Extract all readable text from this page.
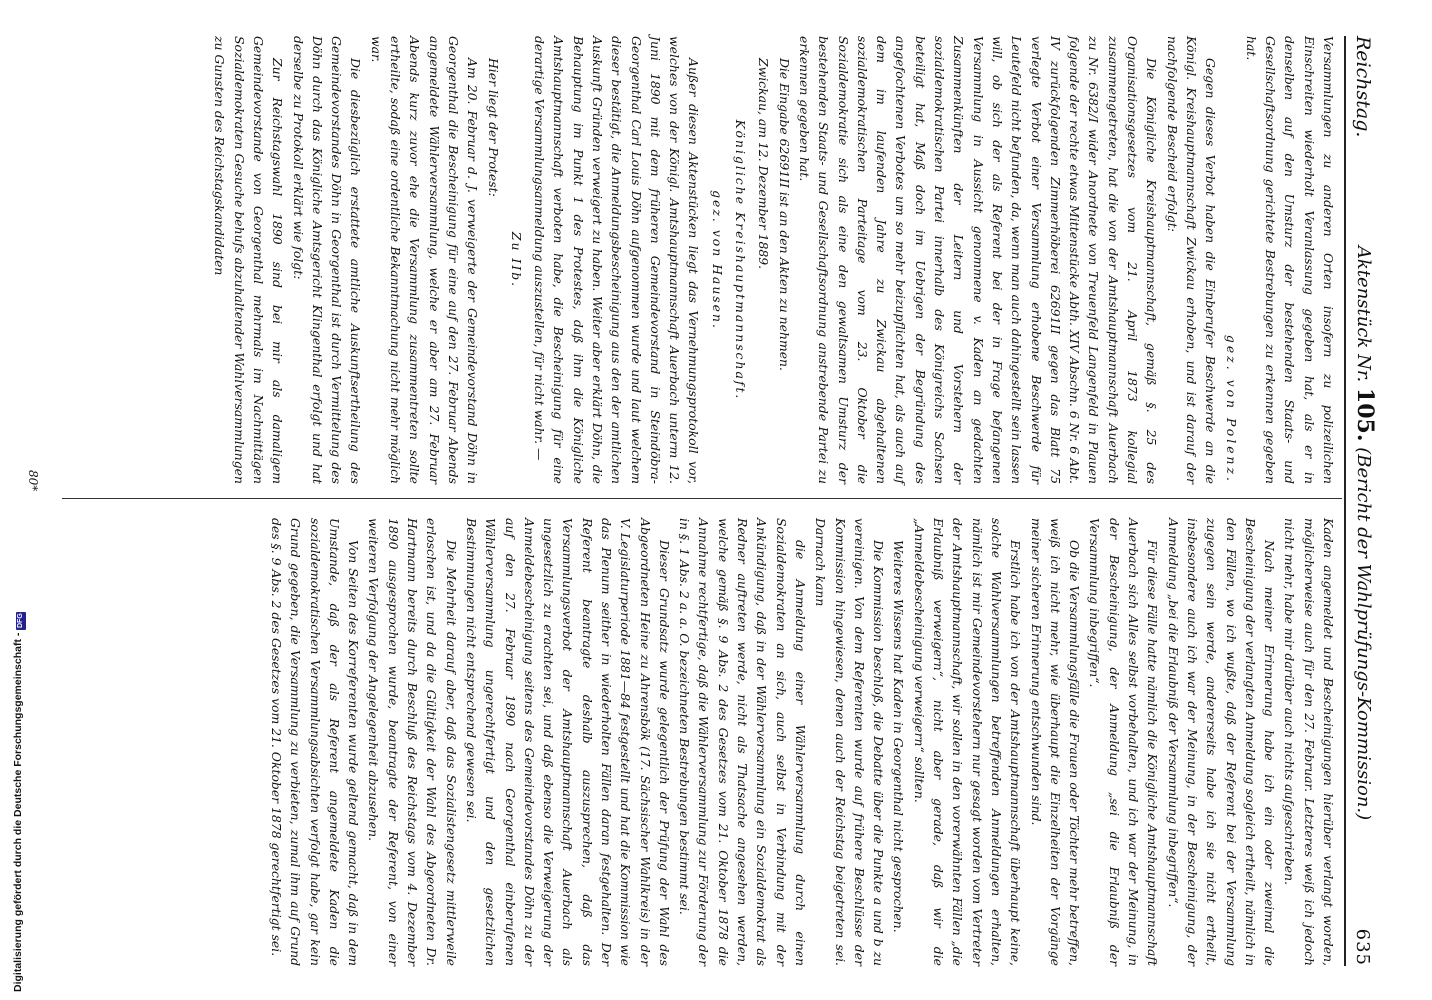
Reichstag.
Aktenstück Nr. 105. (Bericht der Wahlprüfungs-Kommission.)
635

Versammlungen zu anderen Orten insofern zu polizeilichen Einschreiten wiederholt Veranlassung gegeben hat, als er in denselben auf den Umsturz der bestehenden Staats- und Gesellschaftsordnung gerichtete Bestrebungen zu erkennen gegeben hat.

gez. von Polenz.

Gegen dieses Verbot haben die Einberufer Beschwerde an die Königl. Kreishauptmannschaft Zwickau erhoben, und ist darauf der nachfolgende Bescheid erfolgt:

Die Königliche Kreishauptmannschaft, gemäß §. 25 des Organisationsgesetzes vom 21. April 1873 kollegial zusammengetreten, hat die von der Amtshauptmannschaft Auerbach zu Nr. 6382/I wider Anordnete von Treuenfeld Langenfeld in Plauen folgende der rechte etwas Mittenstücke Abth. XIV Abschn. 6 Nr. 6 Abt. IV zurückfolgenden Zimmerhöberei 62691II gegen das Blatt 75 verlegte Verbot einer Versammlung erhobene Beschwerde für Leutefeld nicht befunden, da, wenn man auch dahingestellt sein lassen will, ob sich der als Referent bei der in Frage befangenen Versammlung in Aussicht genommene v. Kaden an gedachten Zusammenkünften der Leitern und Vorstehern der sozialdemokratischen Partei innerhalb des Königreichs Sachsen beteiligt hat, Maß doch im Uebrigen der Begründung des angefochtenen Verbotes um so mehr beizupflichten hat, als auch auf dem im laufenden Jahre zu Zwickau abgehaltenen sozialdemokratischen Parteitage vom 23. Oktober die Sozialdemokratie sich als eine den gewaltsamen Umsturz der bestehenden Staats- und Gesellschaftsordnung anstrebende Partei zu erkennen gegeben hat.

Die Eingabe 62691II ist an den Akten zu nehmen.

Zwickau, am 12. Dezember 1889.

Königliche Kreishauptmannschaft.

gez. von Hausen.

Außer diesen Aktenstücken liegt das Vernehmungsprotokoll vor, welches von der Königl. Amtshauptmannschaft Auerbach unterm 12. Juni 1890 mit dem früheren Gemeindevorstand in Steindöbra-Georgenthal Carl Louis Döhn aufgenommen wurde und laut welchem dieser bestätigt, die Anmeldungsbescheinigung aus den der amtlichen Auskunft Gründen verweigert zu haben. Weiter aber erklärt Döhn, die Behauptung im Punkt 1 des Protestes, daß ihm die Königliche Amtshauptmannschaft verboten habe, die Bescheinigung für eine derartige Versammlungsanmeldung auszustellen, für nicht wahr. —

Zu IIb.

Hier liegt der Protest:

Am 20. Februar d. J. verweigerte der Gemeindevorstand Döhn in Georgenthal die Bescheinigung für eine auf den 27. Februar Abends angemeldete Wählerversammlung, welche er aber am 27. Februar Abends kurz zuvor ehe die Versammlung zusammentreten sollte ertheilte, sodaß eine ordentliche Bekanntmachung nicht mehr möglich war.

Die diesbezüglich erstattete amtliche Auskunftsertheilung des Gemeindevorstandes Döhn in Georgenthal ist durch Vermittelung des Döhn durch das Königliche Amtsgericht Klingenthal erfolgt und hat derselbe zu Protokoll erklärt wie folgt:

Zur Reichstagswahl 1890 sind bei mir als damaligem Gemeindevorstande von Georgenthal mehrmals im Nachmittägen Sozialdemokraten Gesuche behufs abzuhaltender Wahlversammlungen zu Gunsten des Reichstagskandidaten

Kaden angemeldet und Bescheinigungen hierüber verlangt worden, möglicherweise auch für den 27. Februar. Letzteres weiß ich jedoch nicht mehr, habe mir darüber auch nichts aufgeschrieben.

Nach meiner Erinnerung habe ich ein oder zweimal die Bescheinigung der verlangten Anmeldung sogleich ertheilt, nämlich in den Fällen, wo ich wußte, daß der Referent bei der Versammlung zugegen sein werde, andererseits habe ich sie nicht ertheilt, insbesondere auch ich war der Meinung, in der Bescheinigung, der Anmeldung „bei die Erlaubniß der Versammlung inbegriffen“.

Für diese Fälle hatte nämlich die Königliche Amtshauptmannschaft Auerbach sich Alles selbst vorbehalten, und ich war der Meinung, in der Bescheinigung, der Anmeldung „sei die Erlaubniß der Versammlung inbegriffen“.

Ob die Versammlungsfälle die Frauen oder Töchter mehr betreffen, weiß ich nicht mehr, wie überhaupt die Einzelheiten der Vorgänge meiner sicheren Erinnerung entschwunden sind.

Erstlich habe ich von der Amtshauptmannschaft überhaupt keine, solche Wahlversammlungen betreffenden Anmeldungen erhalten, nämlich ist mir Gemeindevorstehern nur gesagt worden vom Vertreter der Amtshauptmannschaft, wir sollen in den vorerwähnten Fällen „die Erlaubniß verweigern“, nicht aber gerade, daß wir die „Anmeldebescheinigung verweigern“ sollten.

Weiteres Wissens hat Kaden in Georgenthal nicht gesprochen.

Die Kommission beschloß, die Debatte über die Punkte a und b zu vereinigen. Von dem Referenten wurde auf frühere Beschlüsse der Kommission hingewiesen, denen auch der Reichstag beigetreten sei. Darnach kann

die Anmeldung einer Wählerversammlung durch einen Sozialdemokraten an sich, auch selbst in Verbindung mit der Ankündigung, daß in der Wählerversammlung ein Sozialdemokrat als Redner auftreten werde, nicht als Thatsache angesehen werden, welche gemäß §. 9 Abs. 2 des Gesetzes vom 21. Oktober 1878 die Annahme rechtfertige, daß die Wählerversammlung zur Förderung der in §. 1 Abs. 2 a. a. O. bezeichneten Bestrebungen bestimmt sei.

Dieser Grundsatz wurde gelegentlich der Prüfung der Wahl des Abgeordneten Heine zu Ahrensbök (17. Sächsischer Wahlkreis) in der V. Legislaturperiode 1881—84 festgestellt und hat die Kommission wie das Plenum seither in wiederholten Fällen daran festgehalten. Der Referent beantragte deshalb auszusprechen, daß das Versammlungsverbot der Amtshauptmannschaft Auerbach als ungesetzlich zu erachten sei, und daß ebenso die Verweigerung der Anmeldebescheinigung seitens des Gemeindevorstandes Döhn zu der auf den 27. Februar 1890 nach Georgenthal einberufenen Wählerversammlung ungerechtfertigt und den gesetzlichen Bestimmungen nicht entsprechend gewesen sei.

Die Mehrheit darauf aber, daß das Sozialistengesetz mittlerweile erloschen ist, und da die Gültigkeit der Wahl des Abgeordneten Dr. Hartmann bereits durch Beschluß des Reichstags vom 4. Dezember 1890 ausgesprochen wurde, beantragte der Referent, von einer weiteren Verfolgung der Angelegenheit abzusehen.

Von Seiten des Korreferenten wurde geltend gemacht, daß in dem Umstande, daß der als Referent angemeldete Kaden die sozialdemokratischen Versammlungsabsichten verfolgt habe, gar kein Grund gegeben, die Versammlung zu verbieten, zumal ihm auf Grund des §. 9 Abs. 2 des Gesetzes vom 21. Oktober 1878 gerechtfertigt sei.

80*
Digitalisierung gefördert durch die Deutsche Forschungsgemeinschaft -DFG
